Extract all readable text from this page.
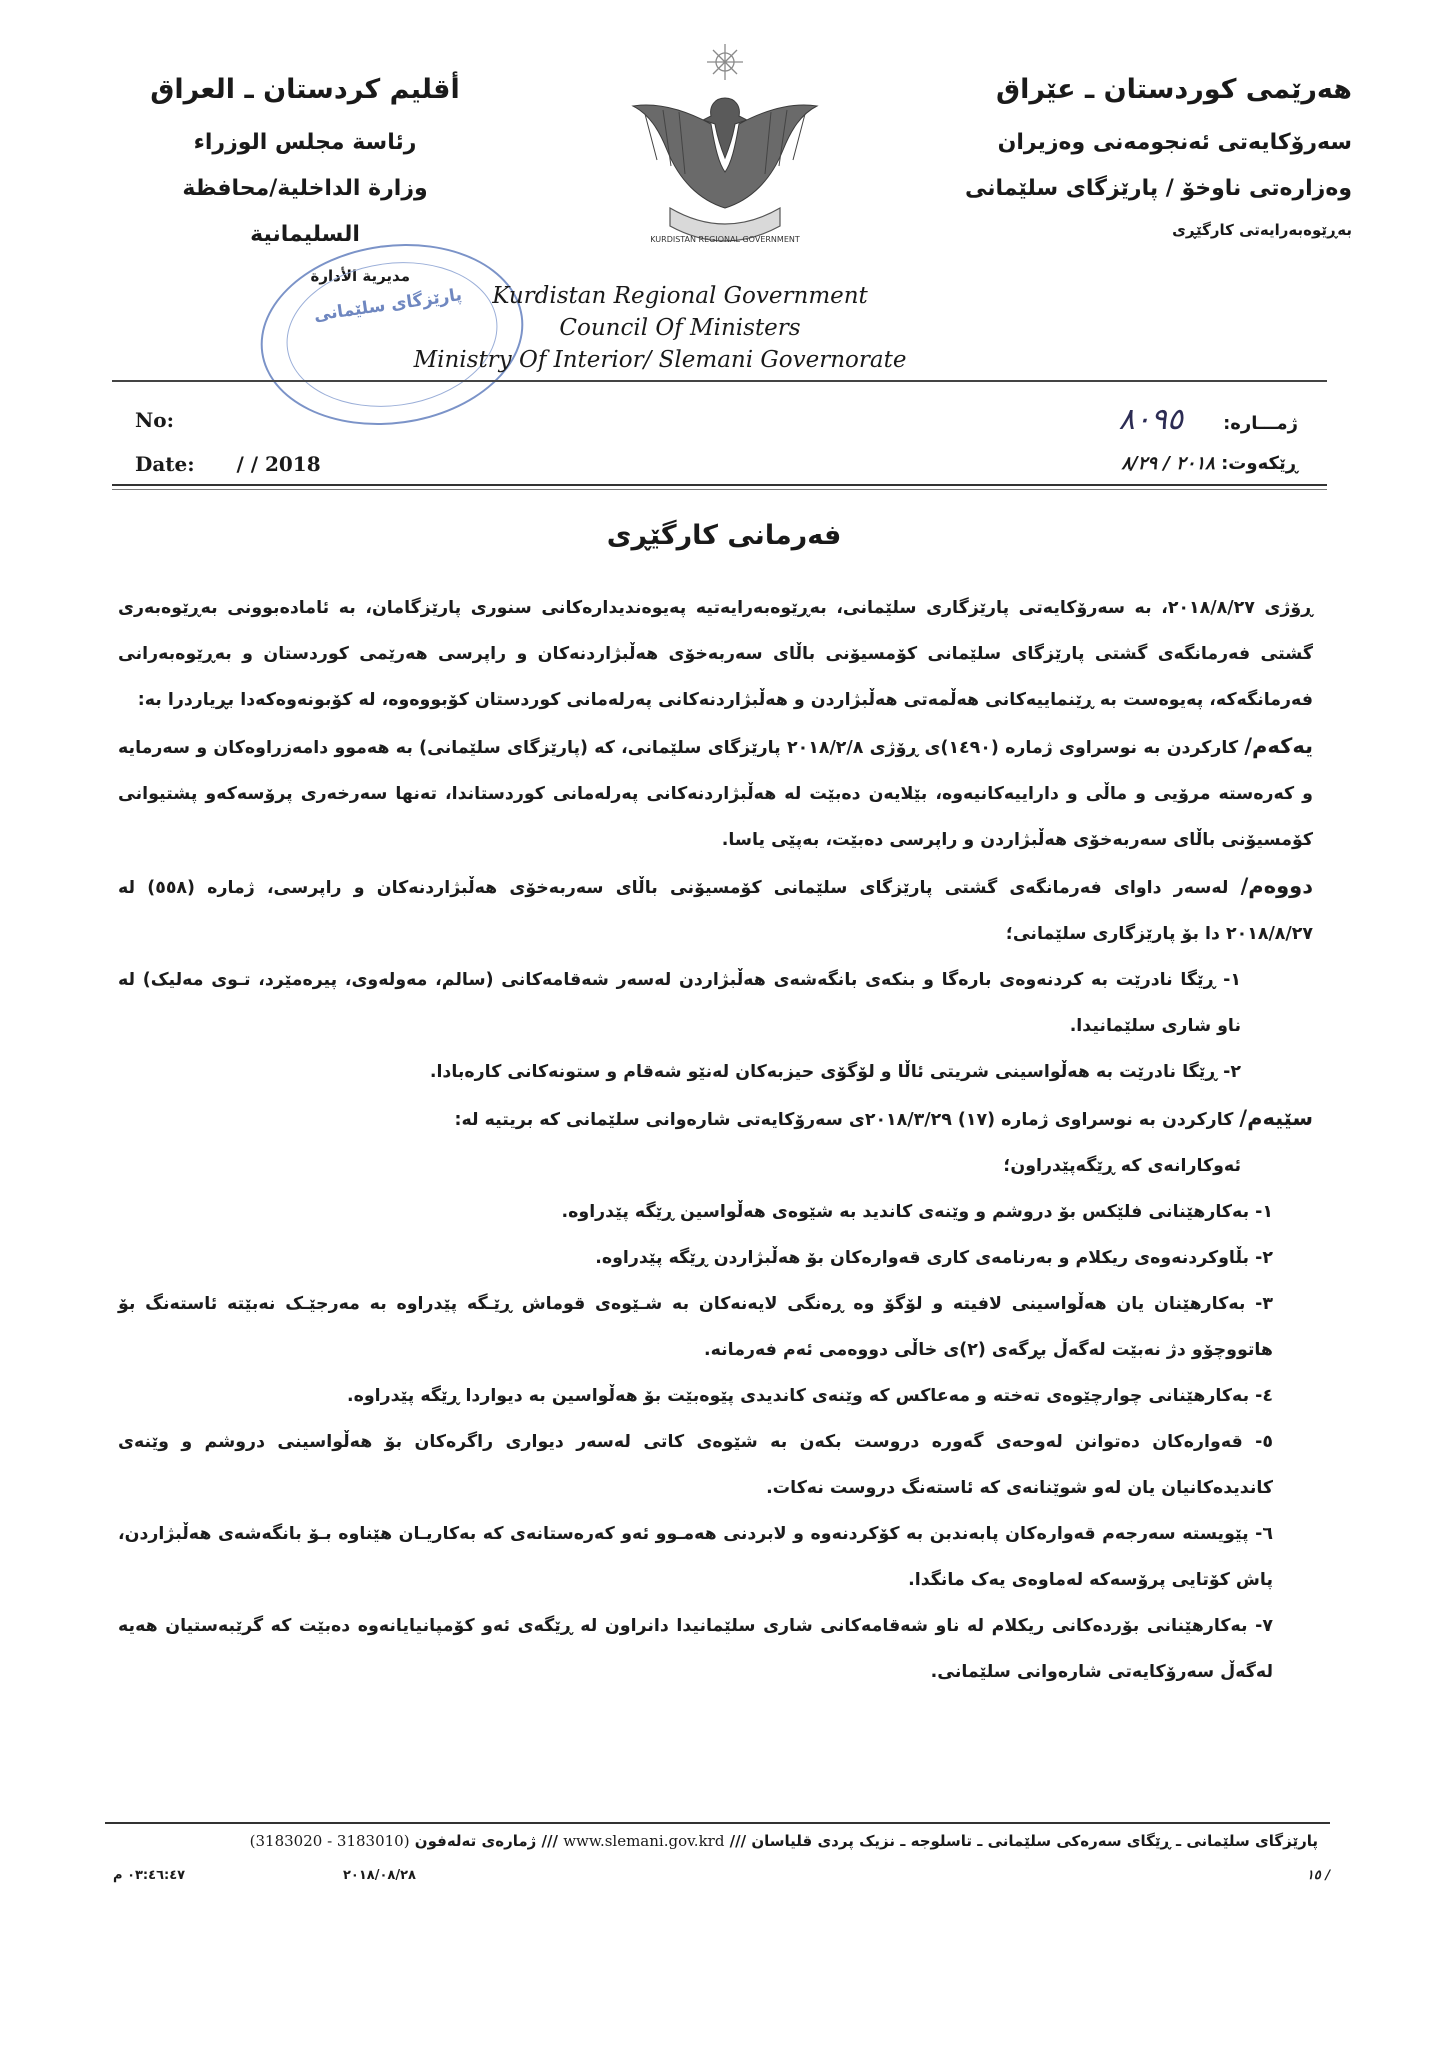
هەرێمی کوردستان ـ عێراق
سەرۆکایەتی ئەنجومەنی وەزیران
وەزارەتی ناوخۆ / پارێزگای سلێمانی
بەڕێوەبەرایەتی کارگێڕی
أقليم كردستان ـ العراق
رئاسة مجلس الوزراء
وزارة الداخلية/محافظة السليمانية
مديرية الأدارة
KURDISTAN REGIONAL GOVERNMENT
پارێزگای سلێمانی	Kurdistan Regional Government
Council Of Ministers
Ministry Of Interior/ Slemani Governorate
No:
Date: / / 2018
ژمـــاره:٨٠٩٥
ڕێکەوت: ٢٠١٨ / ٨/٢٩
فەرمانی کارگێڕی

ڕۆژی ٢٠١٨/٨/٢٧، بە سەرۆکایەتی پارێزگاری سلێمانی، بەڕێوەبەرایەتیە پەیوەندیدارەکانی سنوری پارێزگامان، بە ئامادەبوونی بەڕێوەبەری گشتی فەرمانگەی گشتی پارێزگای سلێمانی کۆمسیۆنی باڵای سەربەخۆی هەڵبژاردنەکان و راپرسی هەرێمی کوردستان و بەڕێوەبەرانی فەرمانگەکە، پەیوەست بە ڕێنماییەکانی هەڵمەتی هەڵبژاردن و هەڵبژاردنەکانی پەرلەمانی کوردستان کۆبووەوە، لە کۆبونەوەکەدا بڕیاردرا بە:

یەکەم/ کارکردن بە نوسراوی ژمارە (١٤٩٠)ی ڕۆژی ٢٠١٨/٢/٨ پارێزگای سلێمانی، کە (پارێزگای سلێمانی) بە هەموو دامەزراوەکان و سەرمایە و کەرەستە مرۆیی و ماڵی و داراییەکانیەوە، بێلایەن دەبێت لە هەڵبژاردنەکانی پەرلەمانی کوردستاندا، تەنها سەرخەری پرۆسەکەو پشتیوانی کۆمسیۆنی باڵای سەربەخۆی هەڵبژاردن و راپرسی دەبێت، بەپێی یاسا.

دووەم/ لەسەر داوای فەرمانگەی گشتی پارێزگای سلێمانی کۆمسیۆنی باڵای سەربەخۆی هەڵبژاردنەکان و راپرسی، ژمارە (٥٥٨) لە ٢٠١٨/٨/٢٧ دا بۆ پارێزگاری سلێمانی؛

١- ڕێگا نادرێت بە کردنەوەی بارەگا و بنکەی بانگەشەی هەڵبژاردن لەسەر شەقامەکانی (سالم، مەولەوی، پیرەمێرد، تـوی مەلیک) لە ناو شاری سلێمانیدا.

٢- ڕێگا نادرێت بە هەڵواسینی شریتی ئاڵا و لۆگۆی حیزبەکان لەنێو شەقام و ستونەکانی کارەبادا.

سێیەم/ کارکردن بە نوسراوی ژمارە (١٧) ٢٠١٨/٣/٢٩ی سەرۆکایەتی شارەوانی سلێمانی کە بریتیە لە:

ئەوکارانەی کە ڕێگەپێدراون؛

١- بەکارهێنانی فلێکس بۆ دروشم و وێنەی کاندید بە شێوەی هەڵواسین ڕێگە پێدراوە.

٢- بڵاوکردنەوەی ریکلام و بەرنامەی کاری قەوارەکان بۆ هەڵبژاردن ڕێگە پێدراوە.

٣- بەکارهێنان یان هەڵواسینی لافیتە و لۆگۆ وە ڕەنگی لایەنەکان بە شـێوەی قوماش ڕێـگە پێدراوە بە مەرجێـک نەبێتە ئاستەنگ بۆ هاتووچۆو دژ نەبێت لەگەڵ بڕگەی (٢)ی خاڵی دووەمی ئەم فەرمانە.

٤- بەکارهێنانی چوارچێوەی تەختە و مەعاکس کە وێنەی کاندیدی پێوەبێت بۆ هەڵواسین بە دیواردا ڕێگە پێدراوە.

٥- قەوارەکان دەتوانن لەوحەی گەورە دروست بکەن بە شێوەی کاتی لەسەر دیواری راگرەکان بۆ هەڵواسینی دروشم و وێنەی کاندیدەکانیان یان لەو شوێنانەی کە ئاستەنگ دروست نەکات.

٦- پێویستە سەرجەم قەوارەکان پابەندبن بە کۆکردنەوە و لابردنی هەمـوو ئەو کەرەستانەی کە بەکاریـان هێناوە بـۆ بانگەشەی هەڵبژاردن، پاش کۆتایی پرۆسەکە لەماوەی یەک مانگدا.

٧- بەکارهێنانی بۆردەکانی ریکلام لە ناو شەقامەکانی شاری سلێمانیدا دانراون لە ڕێگەی ئەو کۆمپانیایانەوە دەبێت کە گرێبەستیان هەیە لەگەڵ سەرۆکایەتی شارەوانی سلێمانی.

پارێزگای سلێمانی ـ ڕێگای سەرەکی سلێمانی ـ تاسلوجە ـ نزیک پردی قلیاسان /// www.slemani.gov.krd /// ژمارەی تەلەفون (3183020 - 3183010)
٠٣:٤٦:٤٧ م	٢٠١٨/٠٨/٢٨	١٥ /
